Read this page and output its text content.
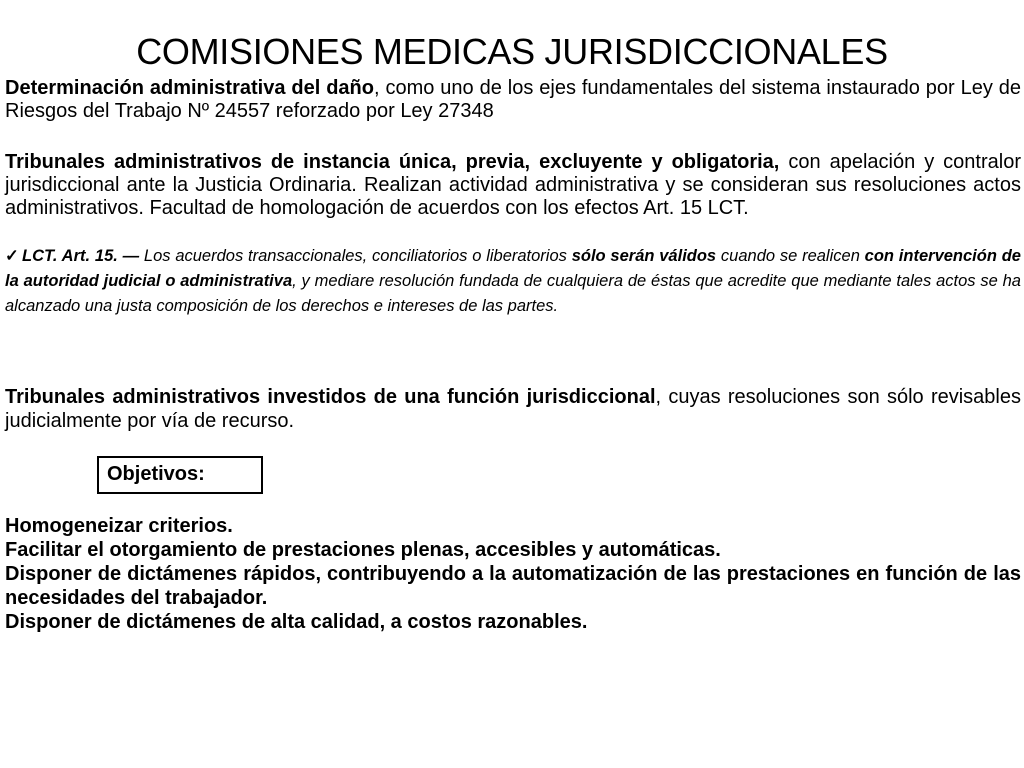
COMISIONES MEDICAS JURISDICCIONALES

Determinación administrativa del daño, como uno de los ejes fundamentales del sistema instaurado por Ley de Riesgos del Trabajo Nº 24557 reforzado por Ley 27348

Tribunales administrativos de instancia única, previa, excluyente y obligatoria, con apelación y contralor jurisdiccional ante la Justicia Ordinaria. Realizan actividad administrativa y se consideran sus resoluciones actos administrativos. Facultad de homologación de acuerdos con los efectos Art. 15 LCT.

✓ LCT. Art. 15. — Los acuerdos transaccionales, conciliatorios o liberatorios sólo serán válidos cuando se realicen con intervención de la autoridad judicial o administrativa, y mediare resolución fundada de cualquiera de éstas que acredite que mediante tales actos se ha alcanzado una justa composición de los derechos e intereses de las partes.

Tribunales administrativos investidos de una función jurisdiccional, cuyas resoluciones son sólo revisables judicialmente por vía de recurso.

Objetivos:
Homogeneizar criterios.
Facilitar el otorgamiento de prestaciones plenas, accesibles y automáticas.
Disponer de dictámenes rápidos, contribuyendo a la automatización de las prestaciones en función de las necesidades del trabajador.
Disponer de dictámenes de alta calidad, a costos razonables.
